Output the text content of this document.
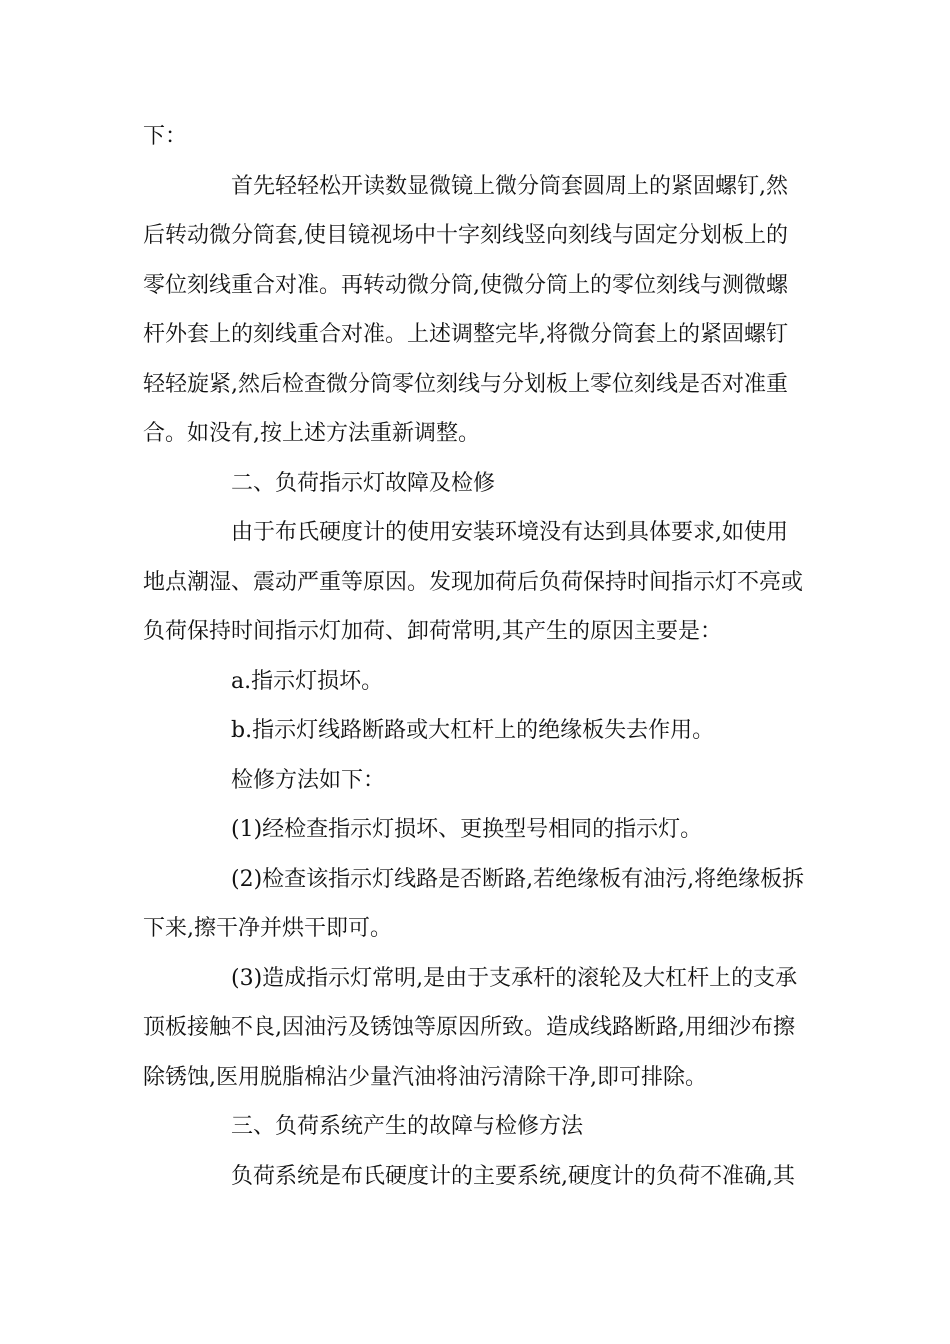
下：
首先轻轻松开读数显微镜上微分筒套圆周上的紧固螺钉,然
后转动微分筒套,使目镜视场中十字刻线竖向刻线与固定分划板上的
零位刻线重合对准。再转动微分筒,使微分筒上的零位刻线与测微螺
杆外套上的刻线重合对准。上述调整完毕,将微分筒套上的紧固螺钉
轻轻旋紧,然后检查微分筒零位刻线与分划板上零位刻线是否对准重
合。如没有,按上述方法重新调整。
二、负荷指示灯故障及检修
由于布氏硬度计的使用安装环境没有达到具体要求,如使用
地点潮湿、震动严重等原因。发现加荷后负荷保持时间指示灯不亮或
负荷保持时间指示灯加荷、卸荷常明,其产生的原因主要是：
a.指示灯损坏。
b.指示灯线路断路或大杠杆上的绝缘板失去作用。
检修方法如下：
(1)经检查指示灯损坏、更换型号相同的指示灯。
(2)检查该指示灯线路是否断路,若绝缘板有油污,将绝缘板拆
下来,擦干净并烘干即可。
(3)造成指示灯常明,是由于支承杆的滚轮及大杠杆上的支承
顶板接触不良,因油污及锈蚀等原因所致。造成线路断路,用细沙布擦
除锈蚀,医用脱脂棉沾少量汽油将油污清除干净,即可排除。
三、负荷系统产生的故障与检修方法
负荷系统是布氏硬度计的主要系统,硬度计的负荷不准确,其
